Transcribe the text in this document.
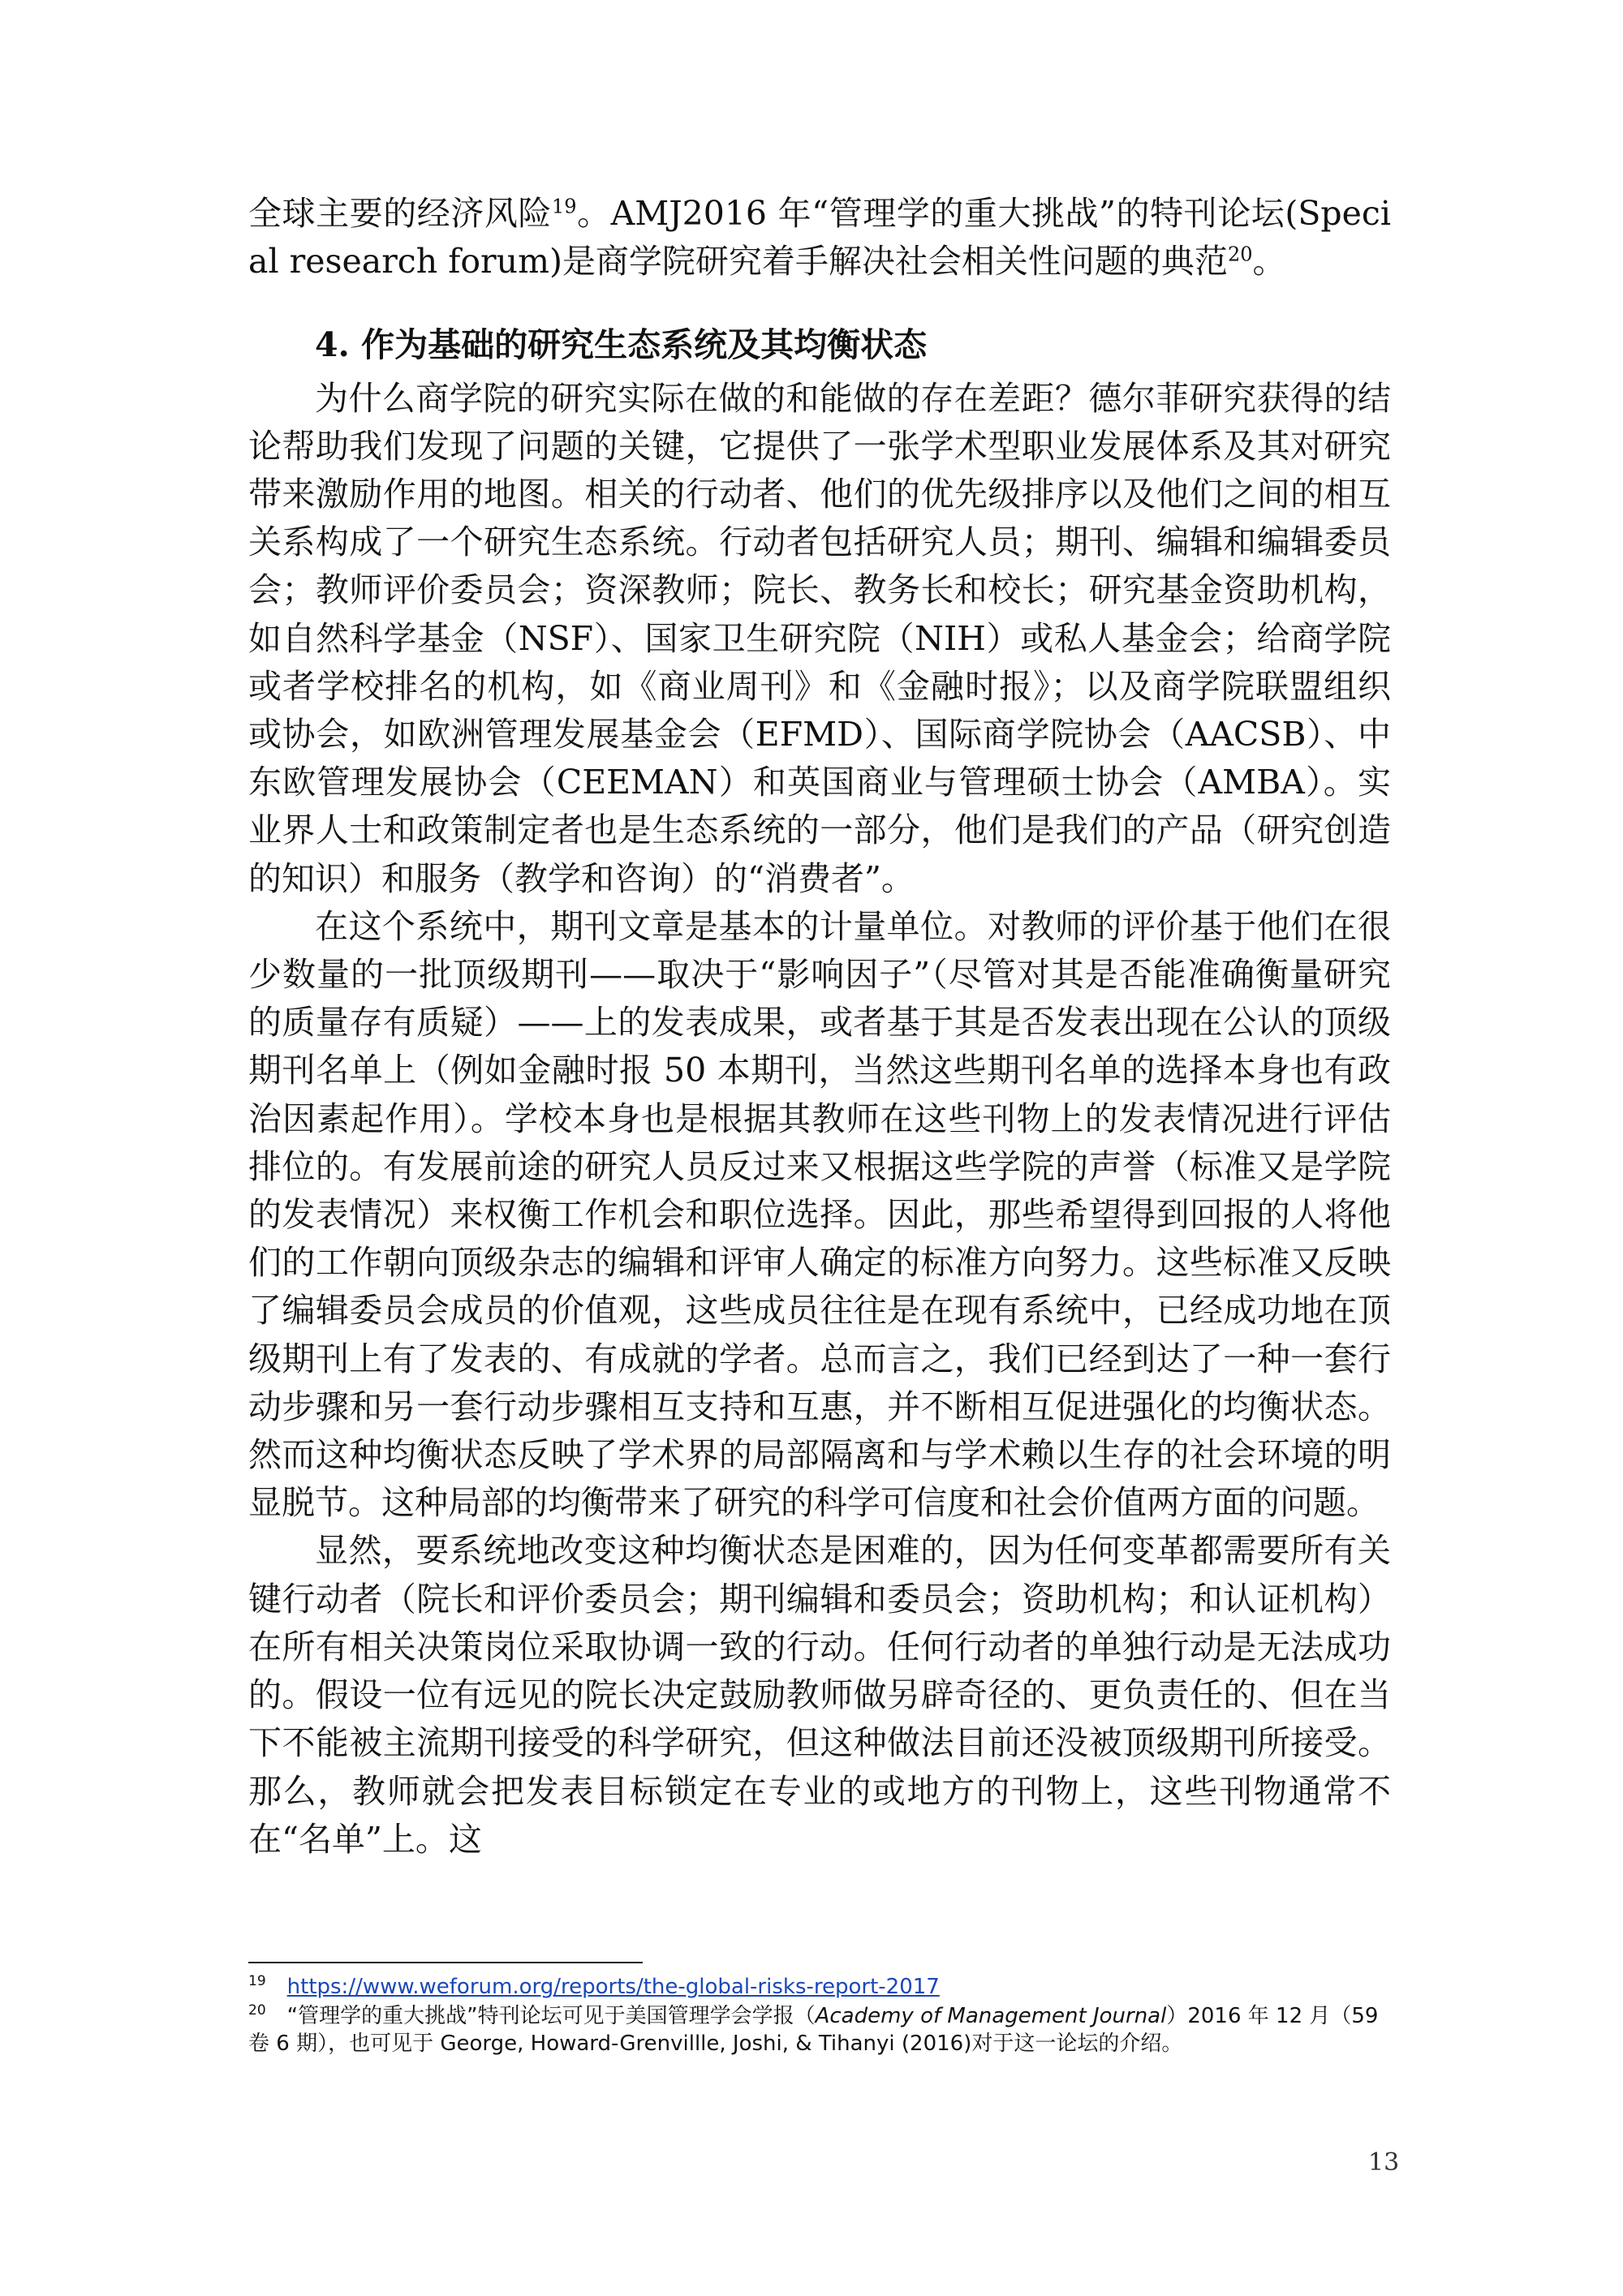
全球主要的经济风险$^{19}$。AMJ2016 年“管理学的重大挑战”的特刊论坛(Special research forum)是商学院研究着手解决社会相关性问题的典范$^{20}$。

4. 作为基础的研究生态系统及其均衡状态

为什么商学院的研究实际在做的和能做的存在差距？德尔菲研究获得的结论帮助我们发现了问题的关键，它提供了一张学术型职业发展体系及其对研究带来激励作用的地图。相关的行动者、他们的优先级排序以及他们之间的相互关系构成了一个研究生态系统。行动者包括研究人员；期刊、编辑和编辑委员会；教师评价委员会；资深教师；院长、教务长和校长；研究基金资助机构，如自然科学基金（NSF）、国家卫生研究院（NIH）或私人基金会；给商学院或者学校排名的机构，如《商业周刊》和《金融时报》；以及商学院联盟组织或协会，如欧洲管理发展基金会（EFMD）、国际商学院协会（AACSB）、中东欧管理发展协会（CEEMAN）和英国商业与管理硕士协会（AMBA）。实业界人士和政策制定者也是生态系统的一部分，他们是我们的产品（研究创造的知识）和服务（教学和咨询）的“消费者”。

在这个系统中，期刊文章是基本的计量单位。对教师的评价基于他们在很少数量的一批顶级期刊——取决于“影响因子”（尽管对其是否能准确衡量研究的质量存有质疑）——上的发表成果，或者基于其是否发表出现在公认的顶级期刊名单上（例如金融时报 50 本期刊，当然这些期刊名单的选择本身也有政治因素起作用）。学校本身也是根据其教师在这些刊物上的发表情况进行评估排位的。有发展前途的研究人员反过来又根据这些学院的声誉（标准又是学院的发表情况）来权衡工作机会和职位选择。因此，那些希望得到回报的人将他们的工作朝向顶级杂志的编辑和评审人确定的标准方向努力。这些标准又反映了编辑委员会成员的价值观，这些成员往往是在现有系统中，已经成功地在顶级期刊上有了发表的、有成就的学者。总而言之，我们已经到达了一种一套行动步骤和另一套行动步骤相互支持和互惠，并不断相互促进强化的均衡状态。然而这种均衡状态反映了学术界的局部隔离和与学术赖以生存的社会环境的明显脱节。这种局部的均衡带来了研究的科学可信度和社会价值两方面的问题。

显然，要系统地改变这种均衡状态是困难的，因为任何变革都需要所有关键行动者（院长和评价委员会；期刊编辑和委员会；资助机构；和认证机构）在所有相关决策岗位采取协调一致的行动。任何行动者的单独行动是无法成功的。假设一位有远见的院长决定鼓励教师做另辟奇径的、更负责任的、但在当下不能被主流期刊接受的科学研究，但这种做法目前还没被顶级期刊所接受。那么，教师就会把发表目标锁定在专业的或地方的刊物上，这些刊物通常不在“名单”上。这

$^{19}$ https://www.weforum.org/reports/the-global-risks-report-2017

$^{20}$ “管理学的重大挑战”特刊论坛可见于美国管理学会学报（Academy of Management Journal）2016 年 12 月（59 卷 6 期），也可见于 George, Howard-Grenvillle, Joshi, & Tihanyi (2016)对于这一论坛的介绍。

13
